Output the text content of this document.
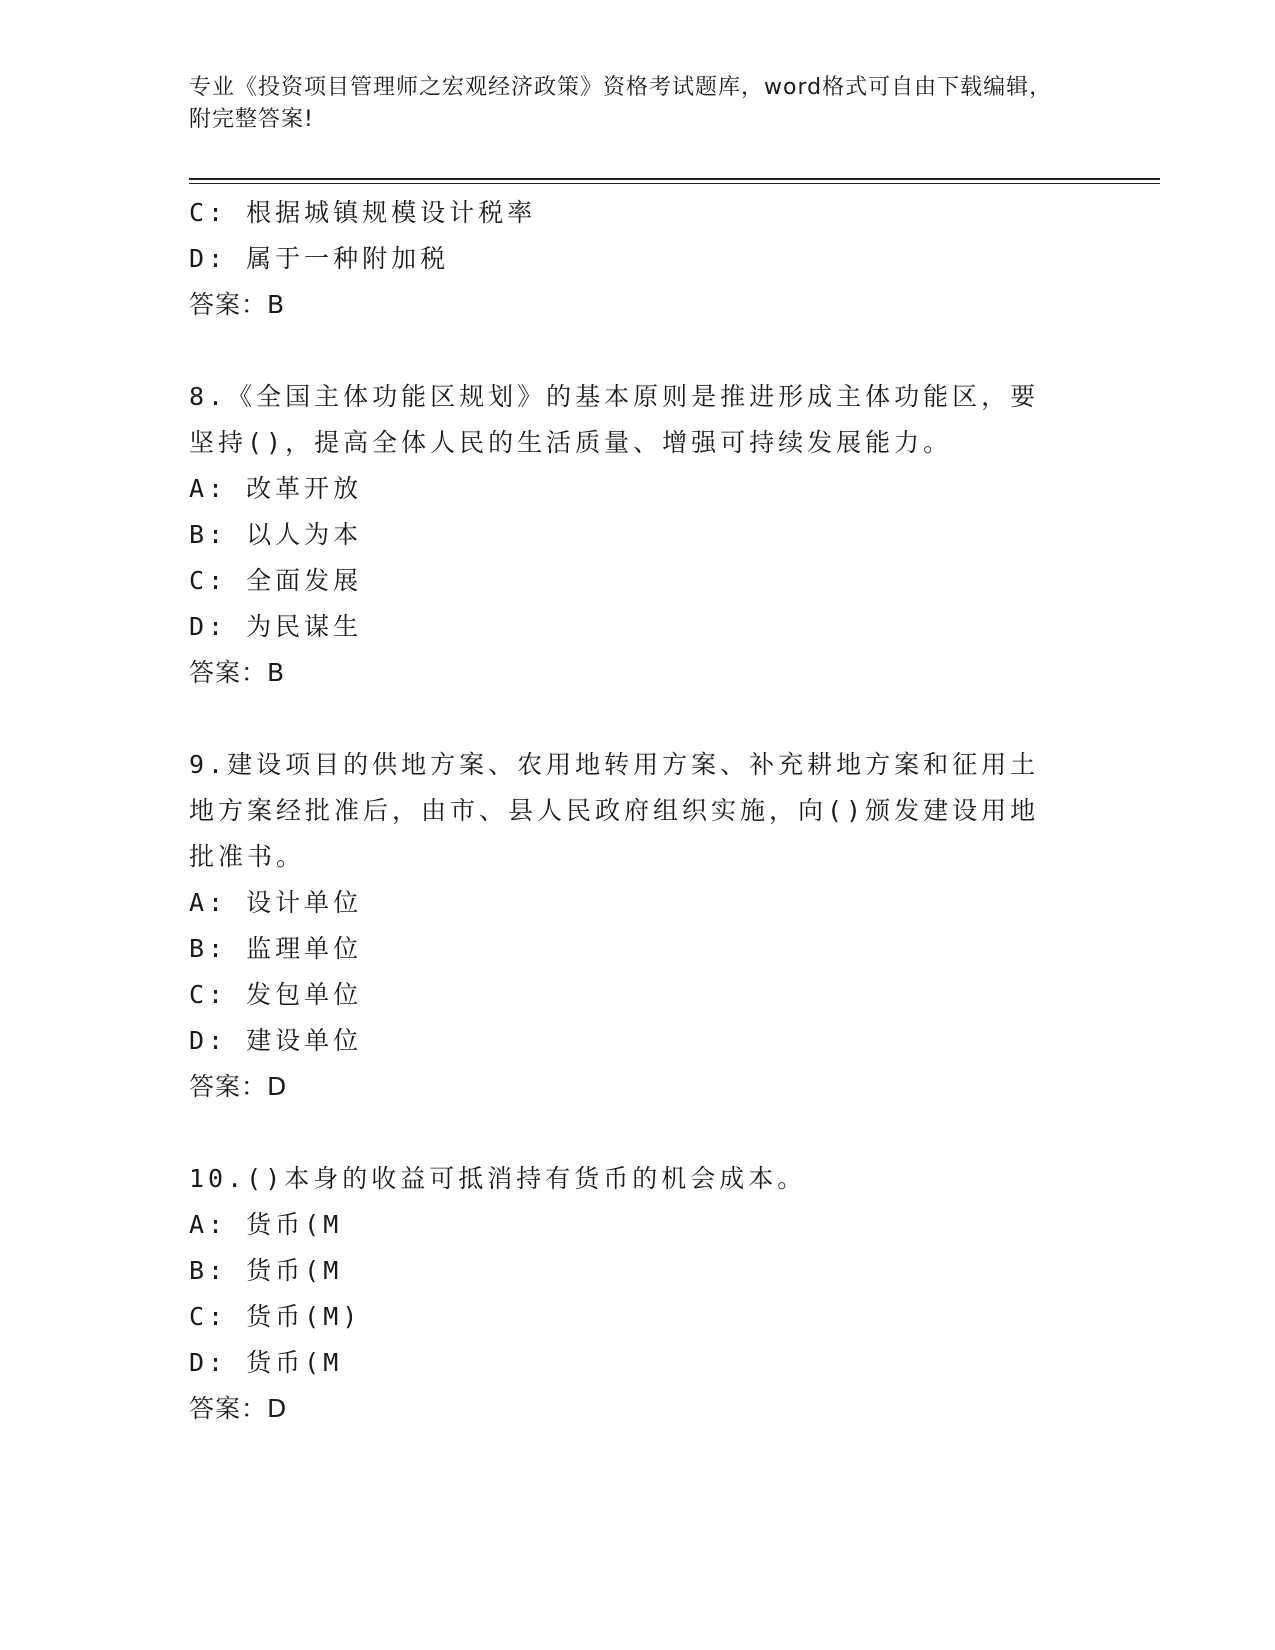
专业《投资项目管理师之宏观经济政策》资格考试题库，word格式可自由下载编辑，附完整答案!
C: 根据城镇规模设计税率
D: 属于一种附加税
答案：B
8.《全国主体功能区规划》的基本原则是推进形成主体功能区，要坚持()，提高全体人民的生活质量、增强可持续发展能力。
A: 改革开放
B: 以人为本
C: 全面发展
D: 为民谋生
答案：B
9.建设项目的供地方案、农用地转用方案、补充耕地方案和征用土地方案经批准后，由市、县人民政府组织实施，向()颁发建设用地批准书。
A: 设计单位
B: 监理单位
C: 发包单位
D: 建设单位
答案：D
10.()本身的收益可抵消持有货币的机会成本。
A: 货币(M
B: 货币(M
C: 货币(M)
D: 货币(M
答案：D
